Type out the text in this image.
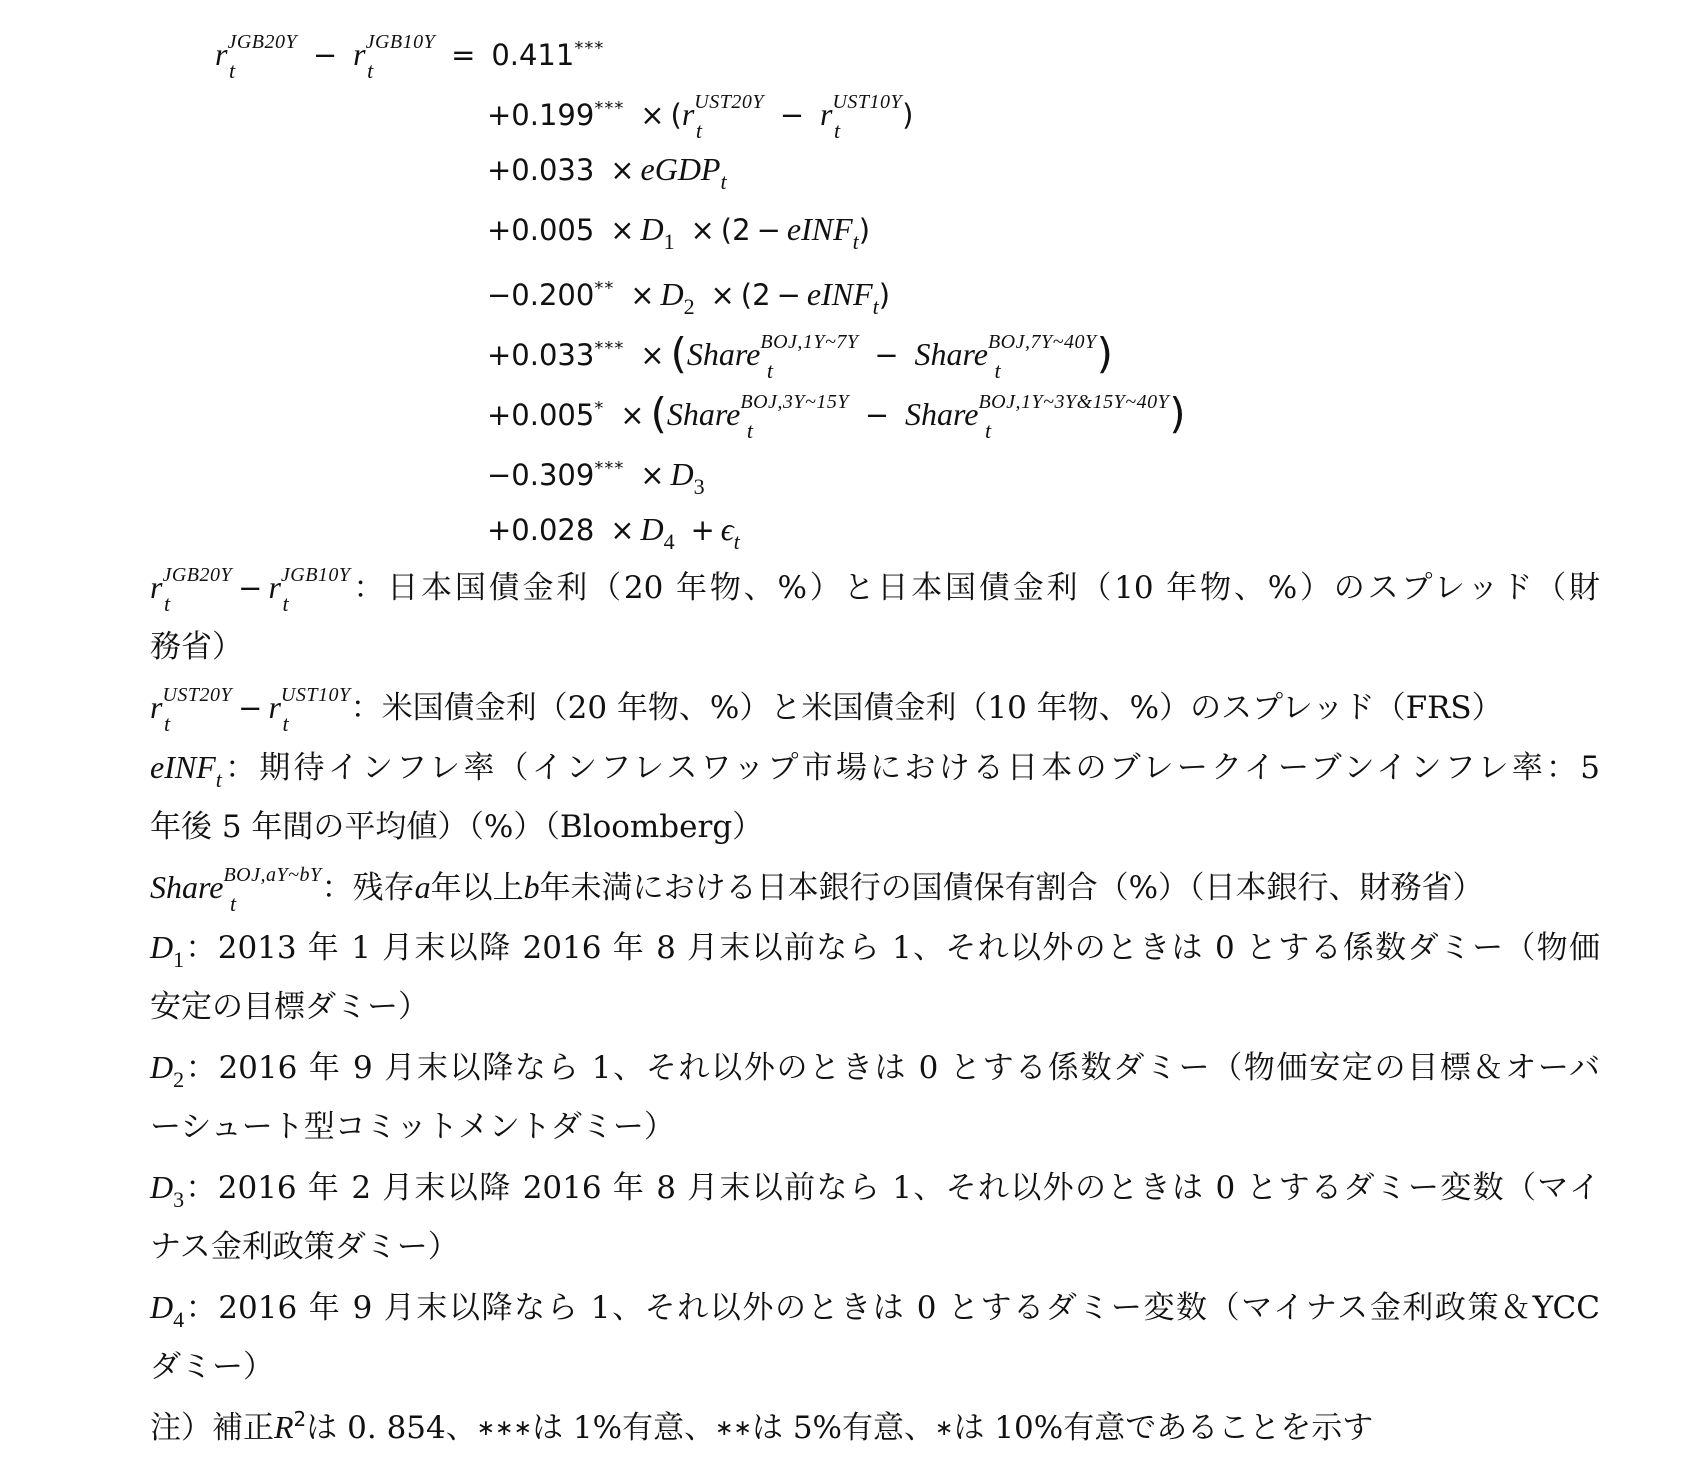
r t
$^{JGB20Y}$ − r t
$^{JGB10Y}$ = 0.411***
+0.199*** × (r t
$^{UST20Y}$ − r t
$^{UST10Y}$)
+0.033 × eGDP$_t$
$+0.005 \times D_1 \times (2$ − eINF$_t$)
$-0.200^{**} \times D_2 \times (2$ − eINF$_t$)
+0.033*** × (Share t
$^{BOJ,1Y\sim 7Y}$ − Share t
$^{BOJ,7Y\sim 40Y}$)
+0.005* × (Share t
$^{BOJ,3Y\sim 15Y}$ − Share t
$^{BOJ,1Y\sim 3Y\&15Y\sim 40Y}$)
$-0.309^{***} \times D_3$
$+0.028 \times D_4 + \epsilon_t$
r t
$^{JGB20Y}$ − r t
$^{JGB10Y}$：日本国債金利（20 年物、%）と日本国債金利（10 年物、%）のスプレッド（財
務省）
r t
$^{UST20Y}$ − r t
$^{UST10Y}$：米国債金利（20 年物、%）と米国債金利（10 年物、%）のスプレッド（FRS）
eINF$_t$：期待インフレ率（インフレスワップ市場における日本のブレークイーブンインフレ率：5
年後 5 年間の平均値）（%）（Bloomberg）
Share t
$^{BOJ,aY\sim bY}$：残存a年以上b年未満における日本銀行の国債保有割合（%）（日本銀行、財務省）
$D_1$：2013 年 1 月末以降 2016 年 8 月末以前なら 1、それ以外のときは 0 とする係数ダミー（物価
安定の目標ダミー）
$D_2$：2016 年 9 月末以降なら 1、それ以外のときは 0 とする係数ダミー（物価安定の目標＆オーバ
ーシュート型コミットメントダミー）
$D_3$：2016 年 2 月末以降 2016 年 8 月末以前なら 1、それ以外のときは 0 とするダミー変数（マイ
ナス金利政策ダミー）
$D_4$：2016 年 9 月末以降なら 1、それ以外のときは 0 とするダミー変数（マイナス金利政策＆YCC
ダミー）
注）補正$R^2$は 0. 854、∗∗∗は 1%有意、∗∗は 5%有意、∗は 10%有意であることを示す
